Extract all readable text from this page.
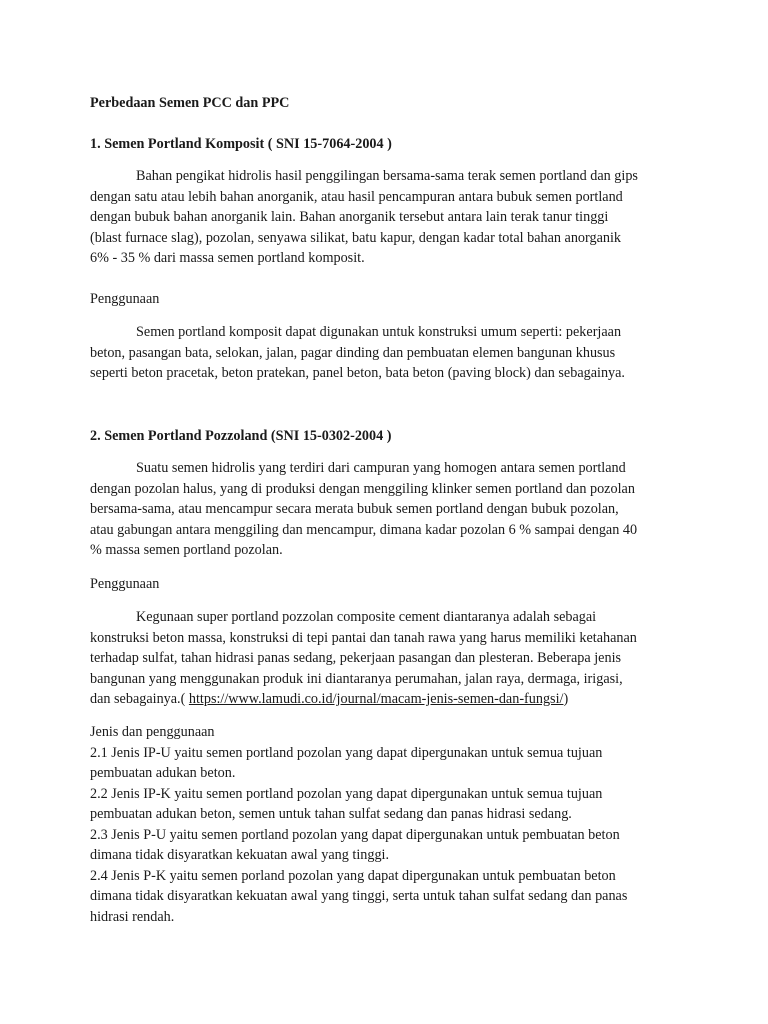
Perbedaan Semen PCC dan PPC
1. Semen Portland Komposit ( SNI 15-7064-2004 )
Bahan pengikat hidrolis hasil penggilingan bersama-sama terak semen portland dan gips
dengan satu atau lebih bahan anorganik, atau hasil pencampuran antara bubuk semen portland
dengan bubuk bahan anorganik lain. Bahan anorganik tersebut antara lain terak tanur tinggi
(blast furnace slag), pozolan, senyawa silikat, batu kapur, dengan kadar total bahan anorganik
6% - 35 % dari massa semen portland komposit.
Penggunaan
Semen portland komposit dapat digunakan untuk konstruksi umum seperti: pekerjaan
beton, pasangan bata, selokan, jalan, pagar dinding dan pembuatan elemen bangunan khusus
seperti beton pracetak, beton pratekan, panel beton, bata beton (paving block) dan sebagainya.
2. Semen Portland Pozzoland (SNI 15-0302-2004 )
Suatu semen hidrolis yang terdiri dari campuran yang homogen antara semen portland
dengan pozolan halus, yang di produksi dengan menggiling klinker semen portland dan pozolan
bersama-sama, atau mencampur secara merata bubuk semen portland dengan bubuk pozolan,
atau gabungan antara menggiling dan mencampur, dimana kadar pozolan 6 % sampai dengan 40
% massa semen portland pozolan.
Penggunaan
Kegunaan super portland pozzolan composite cement diantaranya adalah sebagai
konstruksi beton massa, konstruksi di tepi pantai dan tanah rawa yang harus memiliki ketahanan
terhadap sulfat, tahan hidrasi panas sedang, pekerjaan pasangan dan plesteran. Beberapa jenis
bangunan yang menggunakan produk ini diantaranya perumahan, jalan raya, dermaga, irigasi,
dan sebagainya.( https://www.lamudi.co.id/journal/macam-jenis-semen-dan-fungsi/)
Jenis dan penggunaan
2.1 Jenis IP-U yaitu semen portland pozolan yang dapat dipergunakan untuk semua tujuan
pembuatan adukan beton.
2.2 Jenis IP-K yaitu semen portland pozolan yang dapat dipergunakan untuk semua tujuan
pembuatan adukan beton, semen untuk tahan sulfat sedang dan panas hidrasi sedang.
2.3 Jenis P-U yaitu semen portland pozolan yang dapat dipergunakan untuk pembuatan beton
dimana tidak disyaratkan kekuatan awal yang tinggi.
2.4 Jenis P-K yaitu semen porland pozolan yang dapat dipergunakan untuk pembuatan beton
dimana tidak disyaratkan kekuatan awal yang tinggi, serta untuk tahan sulfat sedang dan panas
hidrasi rendah.
